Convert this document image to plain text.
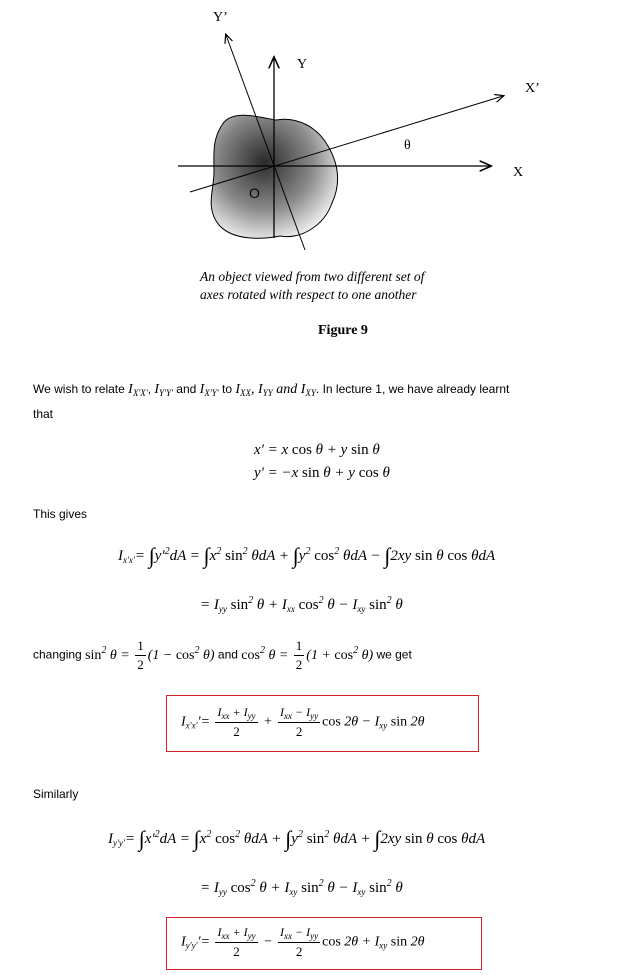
Y’
Y
X’
X
θ
O
An object viewed from two different set of
axes rotated with respect to one another
Figure 9
We wish to relate $I_{X'X'}$, $I_{Y'Y'}$ and $I_{X'Y'}$ to $I_{XX}$, $I_{YY}$ and $I_{XY}$. In lecture 1, we have already learnt
that
x' = x cos θ + y sin θ
y' = −x sin θ + y cos θ
This gives
$I_{x'x'}= \int y'^2dA = \int x^2$ $\sin^2 \theta dA + \int y^2$ $\cos^2 \theta dA - \int 2xy$ sin θ cos θdA
= $I_{yy}$ $\sin^2 \theta + I_{xx}$ $\cos^2 \theta - I_{xy}$ $\sin^2 \theta$
changing $\sin^2 \theta = \frac{1}{2} (1 - \cos^2 \theta)$ and $\cos^2 \theta = \frac{1}{2} (1 + \cos^2 \theta)$ we get
$I_{x'x'}'= \frac{I_{xx} + I_{yy}}{2} + \frac{I_{xx} - I_{yy}}{2}$ $\cos 2\theta - I_{xy}$ sin 2θ
Similarly
$I_{y'y'}= \int x'^2dA = \int x^2$ $\cos^2 \theta dA + \int y^2$ $\sin^2 \theta dA + \int 2xy$ sin θ cos θdA
= $I_{yy}$ $\cos^2 \theta + I_{xy}$ $\sin^2 \theta - I_{xy}$ $\sin^2 \theta$
$I_{y'y'}'= \frac{I_{xx} + I_{yy}}{2} - \frac{I_{xx} - I_{yy}}{2}$ $\cos 2\theta + I_{xy}$ sin 2θ
